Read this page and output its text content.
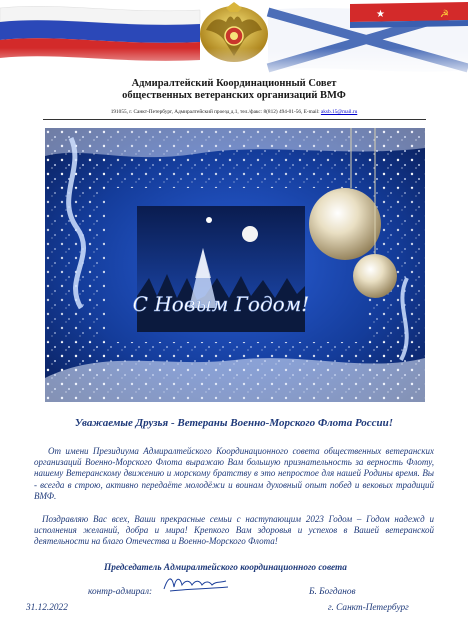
★	☭
Адмиралтейский Координационный Совет
общественных ветеранских организаций ВМФ
191055, г. Санкт-Петербург, Адмиралтейский проезд д.1, тел./факс: 8(812) 494-01-56, E-mail: aksb.15@mail.ru
С Новым Годом!
Уважаемые Друзья - Ветераны Военно-Морского Флота России!

От имени Президиума Адмиралтейского Координационного совета общественных ветеранских организаций Военно-Морского Флота выражаю Вам большую признательность за верность Флоту, нашему Ветеранскому движению и морскому братству в это непростое для нашей Родины время. Вы - всегда в строю, активно передаёте молодёжи и воинам духовный опыт побед и вековых традиций ВМФ.

Поздравляю Вас всех, Ваши прекрасные семьи с наступающим 2023 Годом – Годом надежд и исполнения желаний, добра и мира! Крепкого Вам здоровья и успехов в Вашей ветеранской деятельности на благо Отечества и Военно-Морского Флота!

Председатель Адмиралтейского координационного совета
контр-адмирал:	Б. Богданов
31.12.2022	г. Санкт-Петербург
